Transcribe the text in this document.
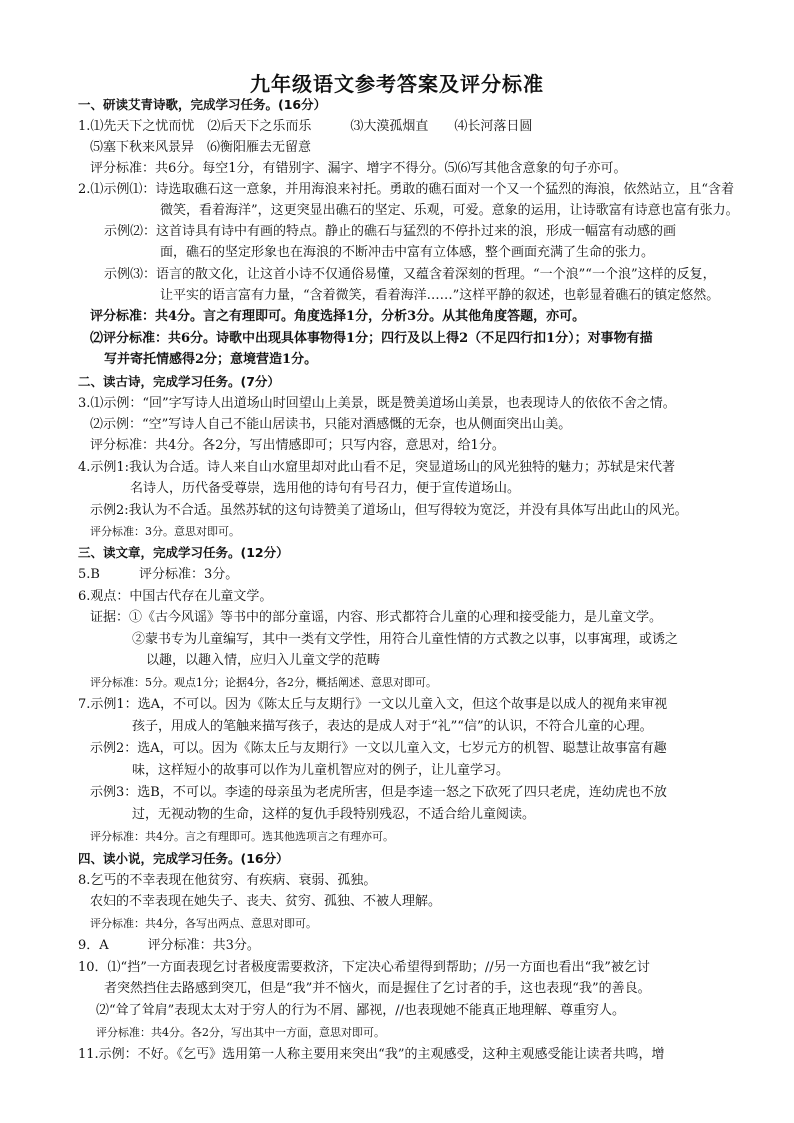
九年级语文参考答案及评分标准
一、研读艾青诗歌，完成学习任务。(16分）
1.⑴先天下之忧而忧　⑵后天下之乐而乐　　　⑶大漠孤烟直　　⑷长河落日圆
⑸塞下秋来风景异　⑹衡阳雁去无留意
评分标准：共6分。每空1分，有错别字、漏字、增字不得分。⑸⑹写其他含意象的句子亦可。
2.⑴示例⑴：诗选取礁石这一意象，并用海浪来衬托。勇敢的礁石面对一个又一个猛烈的海浪，依然站立，且“含着
微笑，看着海洋”，这更突显出礁石的坚定、乐观，可爱。意象的运用，让诗歌富有诗意也富有张力。
示例⑵：这首诗具有诗中有画的特点。静止的礁石与猛烈的不停扑过来的浪，形成一幅富有动感的画
面，礁石的坚定形象也在海浪的不断冲击中富有立体感，整个画面充满了生命的张力。
示例⑶：语言的散文化，让这首小诗不仅通俗易懂，又蕴含着深刻的哲理。“一个浪”“一个浪”这样的反复，
让平实的语言富有力量，“含着微笑，看着海洋……”这样平静的叙述，也彰显着礁石的镇定悠然。
评分标准：共4分。言之有理即可。角度选择1分，分析3分。从其他角度答题，亦可。
⑵评分标准：共6分。诗歌中出现具体事物得1分；四行及以上得2（不足四行扣1分）；对事物有描
写并寄托情感得2分；意境营造1分。
二、读古诗，完成学习任务。(7分）
3.⑴示例：“回”字写诗人出道场山时回望山上美景，既是赞美道场山美景，也表现诗人的依依不舍之情。
⑵示例：“空”写诗人自己不能山居读书，只能对酒感慨的无奈，也从侧面突出山美。
评分标准：共4分。各2分，写出情感即可；只写内容，意思对，给1分。
4.示例1:我认为合适。诗人来自山水窟里却对此山看不足，突显道场山的风光独特的魅力；苏轼是宋代著
名诗人，历代备受尊崇，选用他的诗句有号召力，便于宣传道场山。
示例2:我认为不合适。虽然苏轼的这句诗赞美了道场山，但写得较为宽泛，并没有具体写出此山的风光。
评分标准：3分。意思对即可。
三、读文章，完成学习任务。(12分）
5.B　　　评分标准：3分。
6.观点：中国古代存在儿童文学。
证据：①《古今风谣》等书中的部分童谣，内容、形式都符合儿童的心理和接受能力，是儿童文学。
②蒙书专为儿童编写，其中一类有文学性，用符合儿童性情的方式教之以事，以事寓理，或诱之
以趣，以趣入情，应归入儿童文学的范畴
评分标准：5分。观点1分；论据4分，各2分，概括阐述、意思对即可。
7.示例1：选A，不可以。因为《陈太丘与友期行》一文以儿童入文，但这个故事是以成人的视角来审视
孩子，用成人的笔触来描写孩子，表达的是成人对于“礼”“信”的认识，不符合儿童的心理。
示例2：选A，可以。因为《陈太丘与友期行》一文以儿童入文，七岁元方的机智、聪慧让故事富有趣
味，这样短小的故事可以作为儿童机智应对的例子，让儿童学习。
示例3：选B，不可以。李逵的母亲虽为老虎所害，但是李逵一怒之下砍死了四只老虎，连幼虎也不放
过，无视动物的生命，这样的复仇手段特别残忍，不适合给儿童阅读。
评分标准：共4分。言之有理即可。选其他选项言之有理亦可。
四、读小说，完成学习任务。(16分）
8.乞丐的不幸表现在他贫穷、有疾病、衰弱、孤独。
农妇的不幸表现在她失子、丧夫、贫穷、孤独、不被人理解。
评分标准：共4分，各写出两点、意思对即可。
9．A　　　评分标准：共3分。
10．⑴“挡”一方面表现乞讨者极度需要救济，下定决心希望得到帮助；//另一方面也看出“我”被乞讨
者突然挡住去路感到突兀，但是“我”并不恼火，而是握住了乞讨者的手，这也表现“我”的善良。
⑵“耸了耸肩”表现太太对于穷人的行为不屑、鄙视，//也表现她不能真正地理解、尊重穷人。
评分标准：共4分。各2分，写出其中一方面，意思对即可。
11.示例：不好。《乞丐》选用第一人称主要用来突出“我”的主观感受，这种主观感受能让读者共鸣，增
